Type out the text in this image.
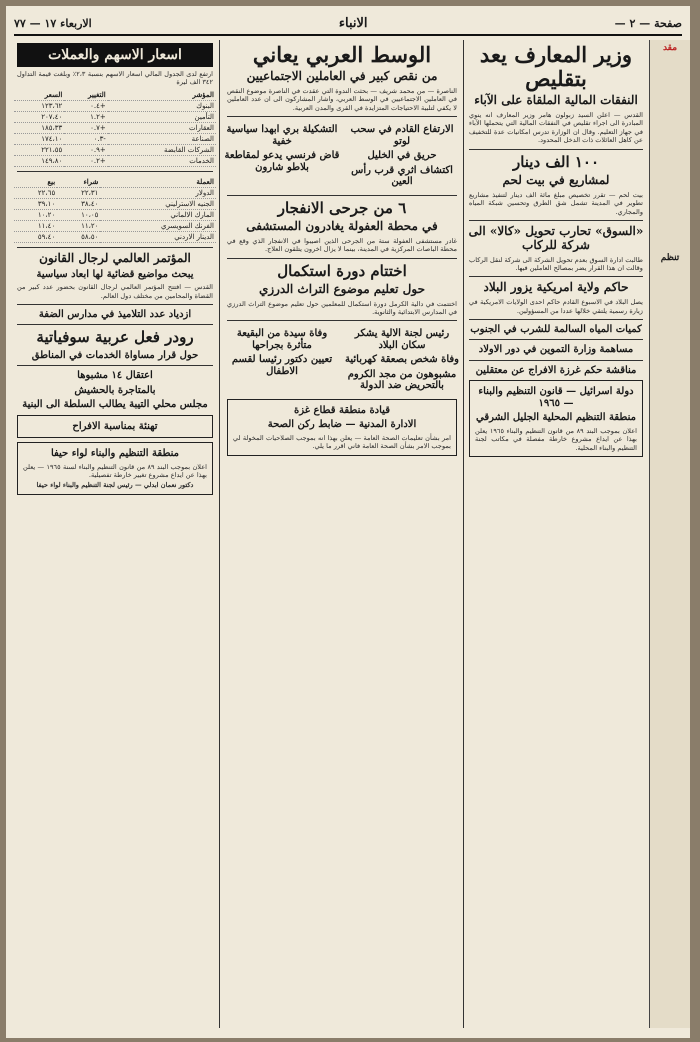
صفحة — ٢ —
الانباء
الاربعاء ١٧ — ٧٧
وزير المعارف يعد بتقليص
النفقات المالية الملقاة على الآباء
القدس — اعلن السيد زبولون هامر وزير المعارف انه ينوي المبادرة الى اجراء تقليص في النفقات المالية التي يتحملها الآباء في جهاز التعليم. وقال ان الوزارة تدرس امكانيات عدة للتخفيف عن كاهل العائلات ذات الدخل المحدود.
١٠٠ الف دينار
لمشاريع في بيت لحم
بيت لحم — تقرر تخصيص مبلغ مائة الف دينار لتنفيذ مشاريع تطوير في المدينة تشمل شق الطرق وتحسين شبكة المياه والمجاري.
«السوق» تحارب تحويل «كالا» الى شركة للركاب
طالبت ادارة السوق بعدم تحويل الشركة الى شركة لنقل الركاب وقالت ان هذا القرار يضر بمصالح العاملين فيها.
حاكم ولاية امريكية يزور البلاد
يصل البلاد في الاسبوع القادم حاكم احدى الولايات الامريكية في زيارة رسمية يلتقي خلالها عددا من المسؤولين.
كميات المياه السالمة للشرب في الجنوب
مساهمة وزارة التموين في دور الاولاد
مناقشة حكم غرزة الافراج عن معتقلين
دولة اسرائيل — قانون التنظيم والبناء — ١٩٦٥
منطقة التنظيم المحلية الجليل الشرقي
اعلان بموجب البند ٨٩ من قانون التنظيم والبناء ١٩٦٥ يعلن بهذا عن ايداع مشروع خارطة مفصلة في مكاتب لجنة التنظيم والبناء المحلية.
الوسط العربي يعاني
من نقص كبير في العاملين الاجتماعيين
الناصرة — من محمد شريف — بحثت الندوة التي عقدت في الناصرة موضوع النقص في العاملين الاجتماعيين في الوسط العربي، واشار المشاركون الى ان عدد العاملين لا يكفي لتلبية الاحتياجات المتزايدة في القرى والمدن العربية.
الارتفاع القادم في سحب لوتو
حريق في الخليل
اكتشاف اثري قرب رأس العين
التشكيلة بري ابهدا سياسية خفية
قاض فرنسي يدعو لمقاطعة بلاطو شارون
٦ من جرحى الانفجار
في محطة العفولة يغادرون المستشفى
غادر مستشفى العفولة ستة من الجرحى الذين اصيبوا في الانفجار الذي وقع في محطة الباصات المركزية في المدينة، بينما لا يزال اخرون يتلقون العلاج.
اختتام دورة استكمال
حول تعليم موضوع التراث الدرزي
اختتمت في دالية الكرمل دورة استكمال للمعلمين حول تعليم موضوع التراث الدرزي في المدارس الابتدائية والثانوية.
رئيس لجنة الالية يشكر سكان البلاد
وفاة شخص بصعقة كهربائية
مشبوهون من مجد الكروم بالتحريض ضد الدولة
وفاة سيدة من البقيعة متأثرة بجراحها
تعيين دكتور رئيسا لقسم الاطفال
قيادة منطقة قطاع غزة
الادارة المدنية — ضابط ركن الصحة
امر بشأن تعليمات الصحة العامة — يعلن بهذا انه بموجب الصلاحيات المخولة لي بموجب الامر بشأن الصحة العامة فاني اقرر ما يلي.
اسعار الاسهم والعملات
ارتفع لدى الجدول المالي اسعار الاسهم بنسبة ٢،٣٪ وبلغت قيمة التداول ٣٤٢ الف ليرة
المؤشر	التغيير	السعر
البنوك	+٠.٤	١٢٣،٦٢
التأمين	+١.٢	٢٠٧،٤٠
العقارات	+٠.٧	١٨٥،٣٣
الصناعة	-٠.٣	١٧٤،١٠
الشركات القابضة	+٠.٩	٢٢١،٥٥
الخدمات	+٠.٢	١٤٩،٨٠
العملة	شراء	بيع
الدولار	٢٢،٣١	٢٢،٦٥
الجنيه الاسترليني	٣٨،٤٠	٣٩،١٠
المارك الالماني	١٠،٠٥	١٠،٢٠
الفرنك السويسري	١١،٢٠	١١،٤٠
الدينار الاردني	٥٨،٥٠	٥٩،٤٠
المؤتمر العالمي لرجال القانون
يبحث مواضيع قضائية لها ابعاد سياسية
القدس — افتتح المؤتمر العالمي لرجال القانون بحضور عدد كبير من القضاة والمحامين من مختلف دول العالم.
ازدياد عدد التلاميذ في مدارس الضفة
رودر فعل عربية سوفياتية
حول قرار مساواة الخدمات في المناطق
اعتقال ١٤ مشبوها
بالمتاجرة بالحشيش
مجلس محلي التيبة يطالب السلطة الى البنية
تهنئة بمناسبة الافراح
منطقة التنظيم والبناء لواء حيفا
اعلان بموجب البند ٨٩ من قانون التنظيم والبناء لسنة ١٩٦٥ — يعلن بهذا عن ايداع مشروع تغيير خارطة تفصيلية.
دكتور نعمان ابدلي — رئيس لجنة التنظيم والبناء لواء حيفا
مقد
تنظم
